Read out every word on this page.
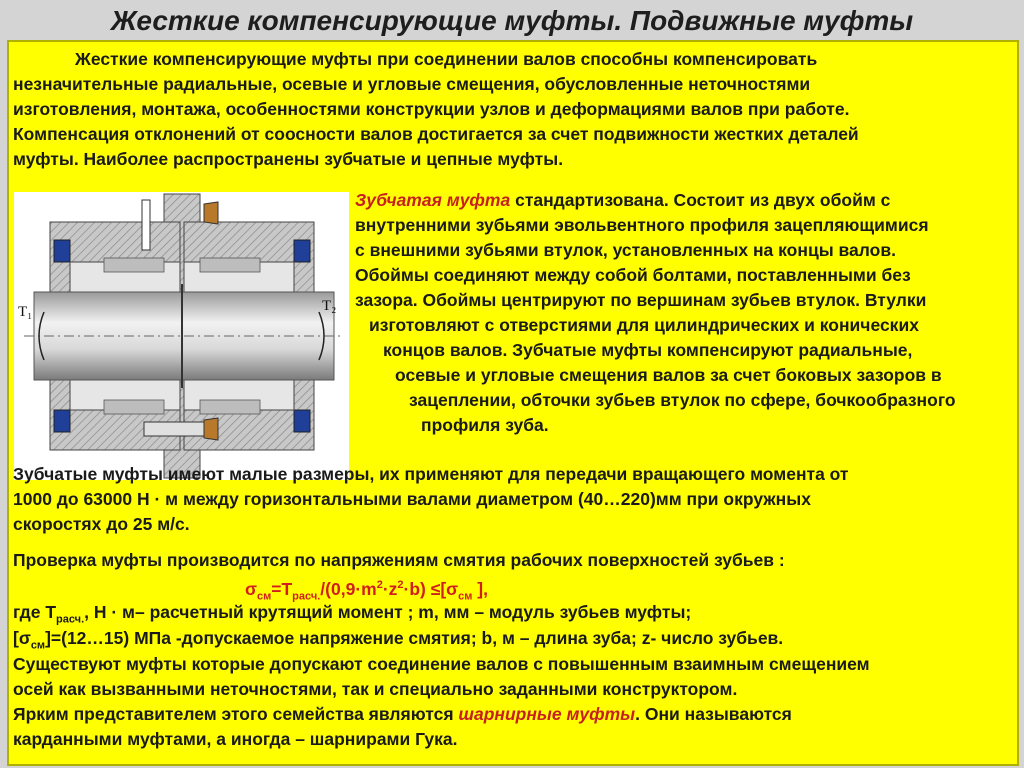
Жесткие компенсирующие муфты. Подвижные муфты
Жесткие компенсирующие муфты при соединении валов способны компенсировать
незначительные радиальные, осевые и угловые смещения, обусловленные неточностями
изготовления, монтажа, особенностями конструкции узлов и деформациями валов при работе.
Компенсация отклонений от соосности валов достигается за счет подвижности жестких деталей
муфты. Наиболее распространены зубчатые и цепные муфты.
T₁	T₂
Зубчатая муфта стандартизована. Состоит из двух обойм с
внутренними зубьями эвольвентного профиля зацепляющимися
с внешними зубьями втулок, установленных на концы валов.
Обоймы соединяют между собой болтами, поставленными без
зазора. Обоймы центрируют по вершинам зубьев втулок. Втулки
изготовляют с отверстиями для цилиндрических и конических
концов валов. Зубчатые муфты компенсируют радиальные,
осевые и угловые смещения валов за счет боковых зазоров в
зацеплении, обточки зубьев втулок по сфере, бочкообразного
профиля зуба.
Зубчатые муфты имеют малые размеры, их применяют для передачи вращающего момента от
1000 до 63000 Н · м между горизонтальными валами диаметром (40…220)мм при окружных
скоростях до 25 м/с.
Проверка муфты производится по напряжениям смятия рабочих поверхностей зубьев :
$\sigma_{см}=T_{расч.}/(0,9\cdot m^2\cdot z^2\cdot b) \le[\sigma_{см}$ ],
где $T_{расч.}$, Н · м– расчетный крутящий момент ; m, мм – модуль зубьев муфты;
$[\sigma_{см}]=(12\dots 15)$ МПа -допускаемое напряжение смятия; b, м – длина зуба; z- число зубьев.
Существуют муфты которые допускают соединение валов с повышенным взаимным смещением
осей как вызванными неточностями, так и специально заданными конструктором.
Ярким представителем этого семейства являются шарнирные муфты. Они называются
карданными муфтами, а иногда – шарнирами Гука.
